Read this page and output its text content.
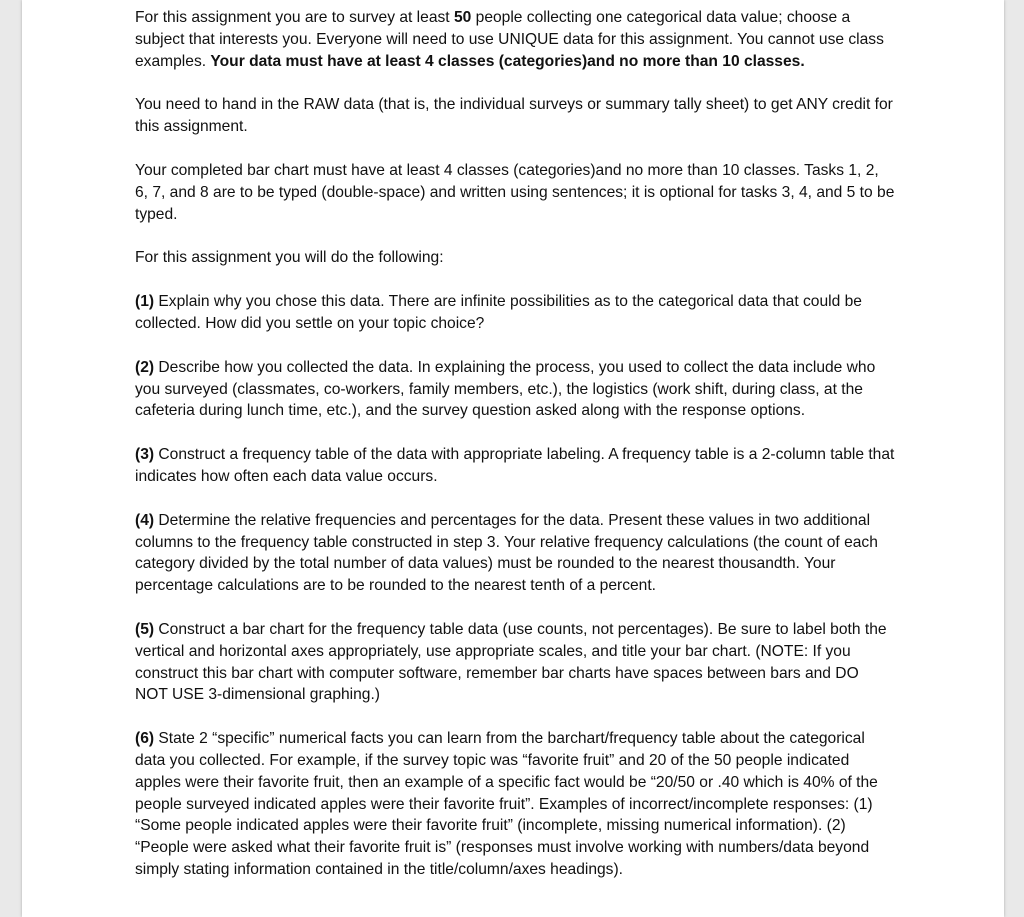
For this assignment you are to survey at least 50 people collecting one categorical data value; choose a subject that interests you. Everyone will need to use UNIQUE data for this assignment. You cannot use class examples. Your data must have at least 4 classes (categories)and no more than 10 classes.

You need to hand in the RAW data (that is, the individual surveys or summary tally sheet) to get ANY credit for this assignment.

Your completed bar chart must have at least 4 classes (categories)and no more than 10 classes. Tasks 1, 2, 6, 7, and 8 are to be typed (double-space) and written using sentences; it is optional for tasks 3, 4, and 5 to be typed.

For this assignment you will do the following:

(1) Explain why you chose this data. There are infinite possibilities as to the categorical data that could be collected. How did you settle on your topic choice?

(2) Describe how you collected the data. In explaining the process, you used to collect the data include who you surveyed (classmates, co-workers, family members, etc.), the logistics (work shift, during class, at the cafeteria during lunch time, etc.), and the survey question asked along with the response options.

(3) Construct a frequency table of the data with appropriate labeling. A frequency table is a 2-column table that indicates how often each data value occurs.

(4) Determine the relative frequencies and percentages for the data. Present these values in two additional columns to the frequency table constructed in step 3. Your relative frequency calculations (the count of each category divided by the total number of data values) must be rounded to the nearest thousandth. Your percentage calculations are to be rounded to the nearest tenth of a percent.

(5) Construct a bar chart for the frequency table data (use counts, not percentages). Be sure to label both the vertical and horizontal axes appropriately, use appropriate scales, and title your bar chart. (NOTE: If you construct this bar chart with computer software, remember bar charts have spaces between bars and DO NOT USE 3-dimensional graphing.)

(6) State 2 “specific” numerical facts you can learn from the barchart/frequency table about the categorical data you collected. For example, if the survey topic was “favorite fruit” and 20 of the 50 people indicated apples were their favorite fruit, then an example of a specific fact would be “20/50 or .40 which is 40% of the people surveyed indicated apples were their favorite fruit”. Examples of incorrect/incomplete responses: (1) “Some people indicated apples were their favorite fruit” (incomplete, missing numerical information). (2) “People were asked what their favorite fruit is” (responses must involve working with numbers/data beyond simply stating information contained in the title/column/axes headings).
